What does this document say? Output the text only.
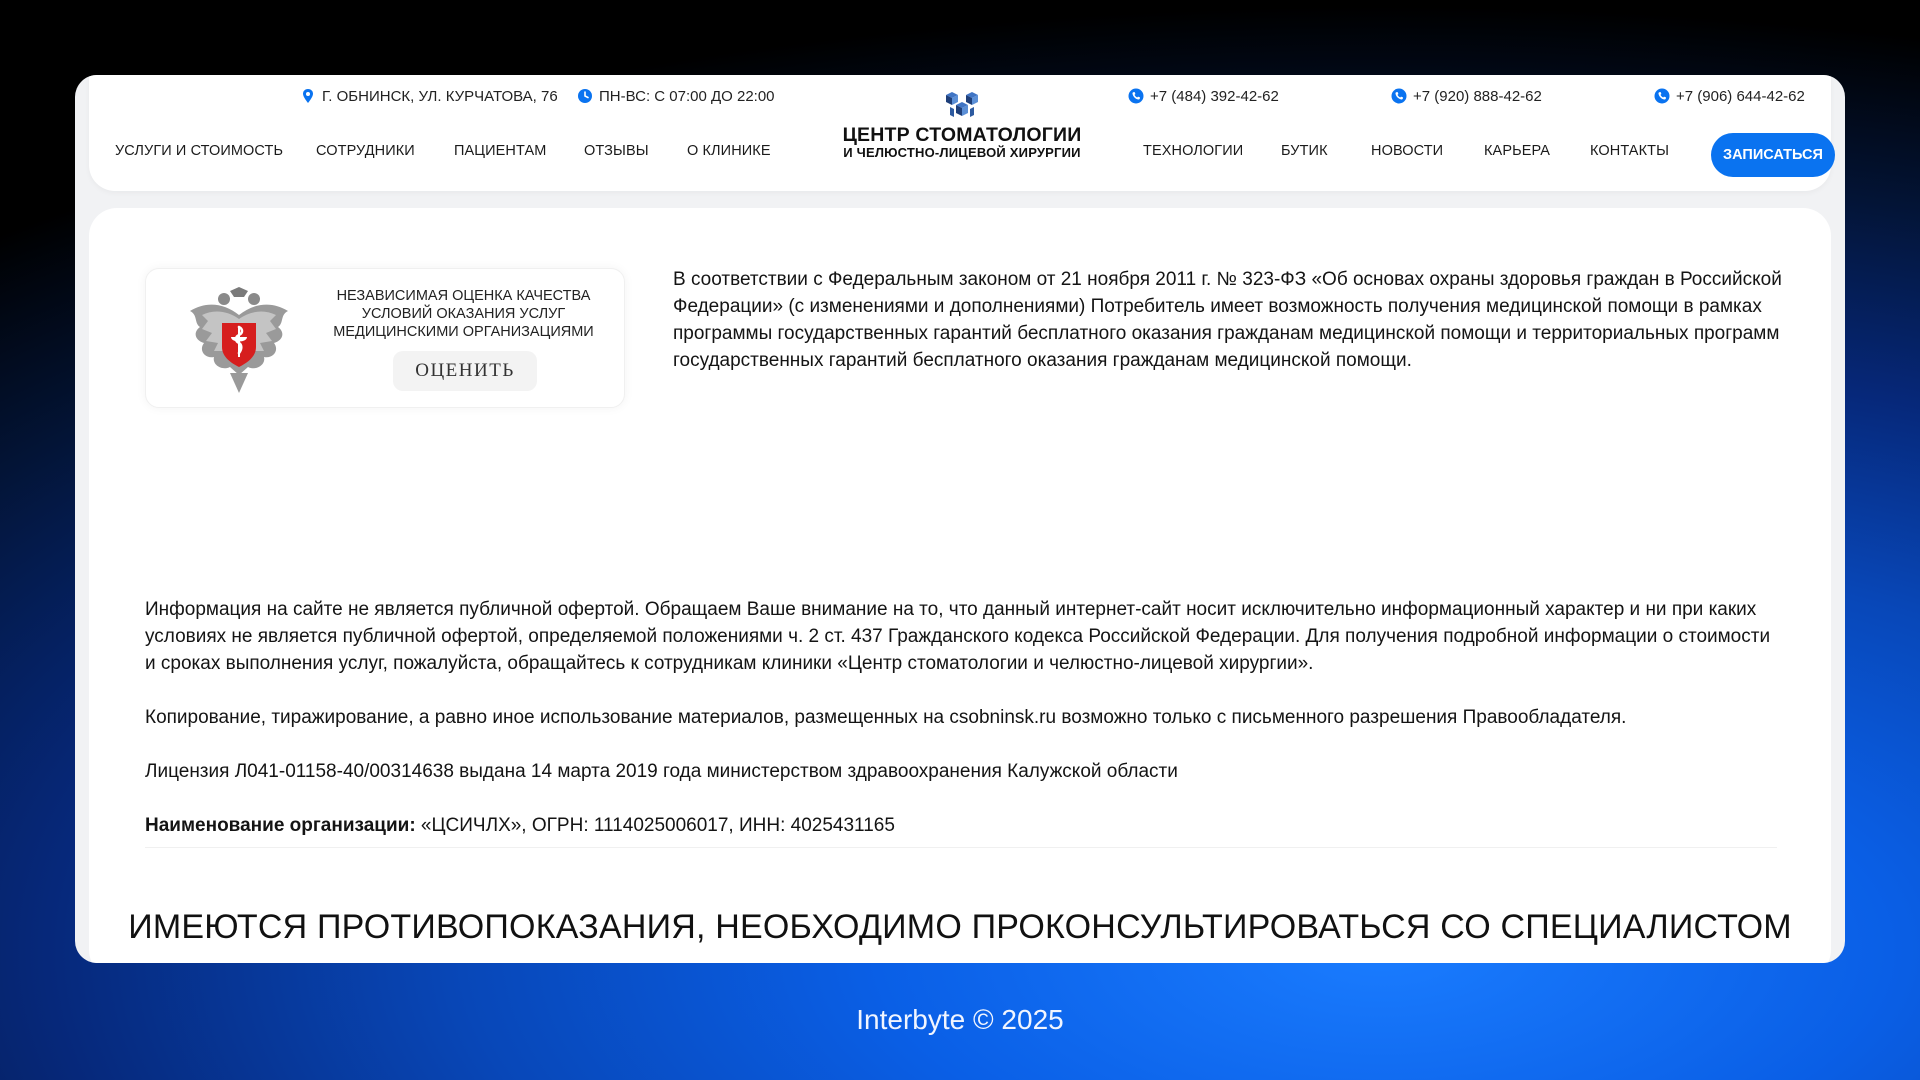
Г. ОБНИНСК, УЛ. КУРЧАТОВА, 76	ПН-ВС: С 07:00 ДО 22:00	+7 (484) 392-42-62	+7 (920) 888-42-62	+7 (906) 644-42-62
УСЛУГИ И СТОИМОСТЬ СОТРУДНИКИ	ПАЦИЕНТАМ	ОТЗЫВЫ	О КЛИНИКЕ
ЦЕНТР СТОМАТОЛОГИИ
И ЧЕЛЮСТНО-ЛИЦЕВОЙ ХИРУРГИИ	ТЕХНОЛОГИИ	БУТИК	НОВОСТИ	КАРЬЕРА	КОНТАКТЫ	ЗАПИСАТЬСЯ
НЕЗАВИСИМАЯ ОЦЕНКА КАЧЕСТВА УСЛОВИЙ ОКАЗАНИЯ УСЛУГ МЕДИЦИНСКИМИ ОРГАНИЗАЦИЯМИ
ОЦЕНИТЬ
В соответствии с Федеральным законом от 21 ноября 2011 г. № 323-ФЗ «Об основах охраны здоровья граждан в Российской Федерации» (с изменениями и дополнениями) Потребитель имеет возможность получения медицинской помощи в рамках программы государственных гарантий бесплатного оказания гражданам медицинской помощи и территориальных программ государственных гарантий бесплатного оказания гражданам медицинской помощи.
Информация на сайте не является публичной офертой. Обращаем Ваше внимание на то, что данный интернет-сайт носит исключительно информационный характер и ни при каких условиях не является публичной офертой, определяемой положениями ч. 2 ст. 437 Гражданского кодекса Российской Федерации. Для получения подробной информации о стоимости и сроках выполнения услуг, пожалуйста, обращайтесь к сотрудникам клиники «Центр стоматологии и челюстно-лицевой хирургии».
Копирование, тиражирование, а равно иное использование материалов, размещенных на csobninsk.ru возможно только с письменного разрешения Правообладателя.
Лицензия Л041-01158-40/00314638 выдана 14 марта 2019 года министерством здравоохранения Калужской области
Наименование организации: «ЦСИЧЛХ», ОГРН: 1114025006017, ИНН: 4025431165
ИМЕЮТСЯ ПРОТИВОПОКАЗАНИЯ, НЕОБХОДИМО ПРОКОНСУЛЬТИРОВАТЬСЯ СО СПЕЦИАЛИСТОМ
Interbyte © 2025
